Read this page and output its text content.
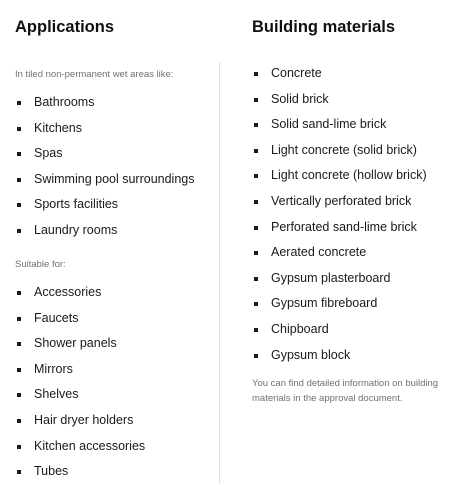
Applications
In tiled non-permanent wet areas like:
Bathrooms
Kitchens
Spas
Swimming pool surroundings
Sports facilities
Laundry rooms
Suitable for:
Accessories
Faucets
Shower panels
Mirrors
Shelves
Hair dryer holders
Kitchen accessories
Tubes
Building materials
Concrete
Solid brick
Solid sand-lime brick
Light concrete (solid brick)
Light concrete (hollow brick)
Vertically perforated brick
Perforated sand-lime brick
Aerated concrete
Gypsum plasterboard
Gypsum fibreboard
Chipboard
Gypsum block
You can find detailed information on building materials in the approval document.
